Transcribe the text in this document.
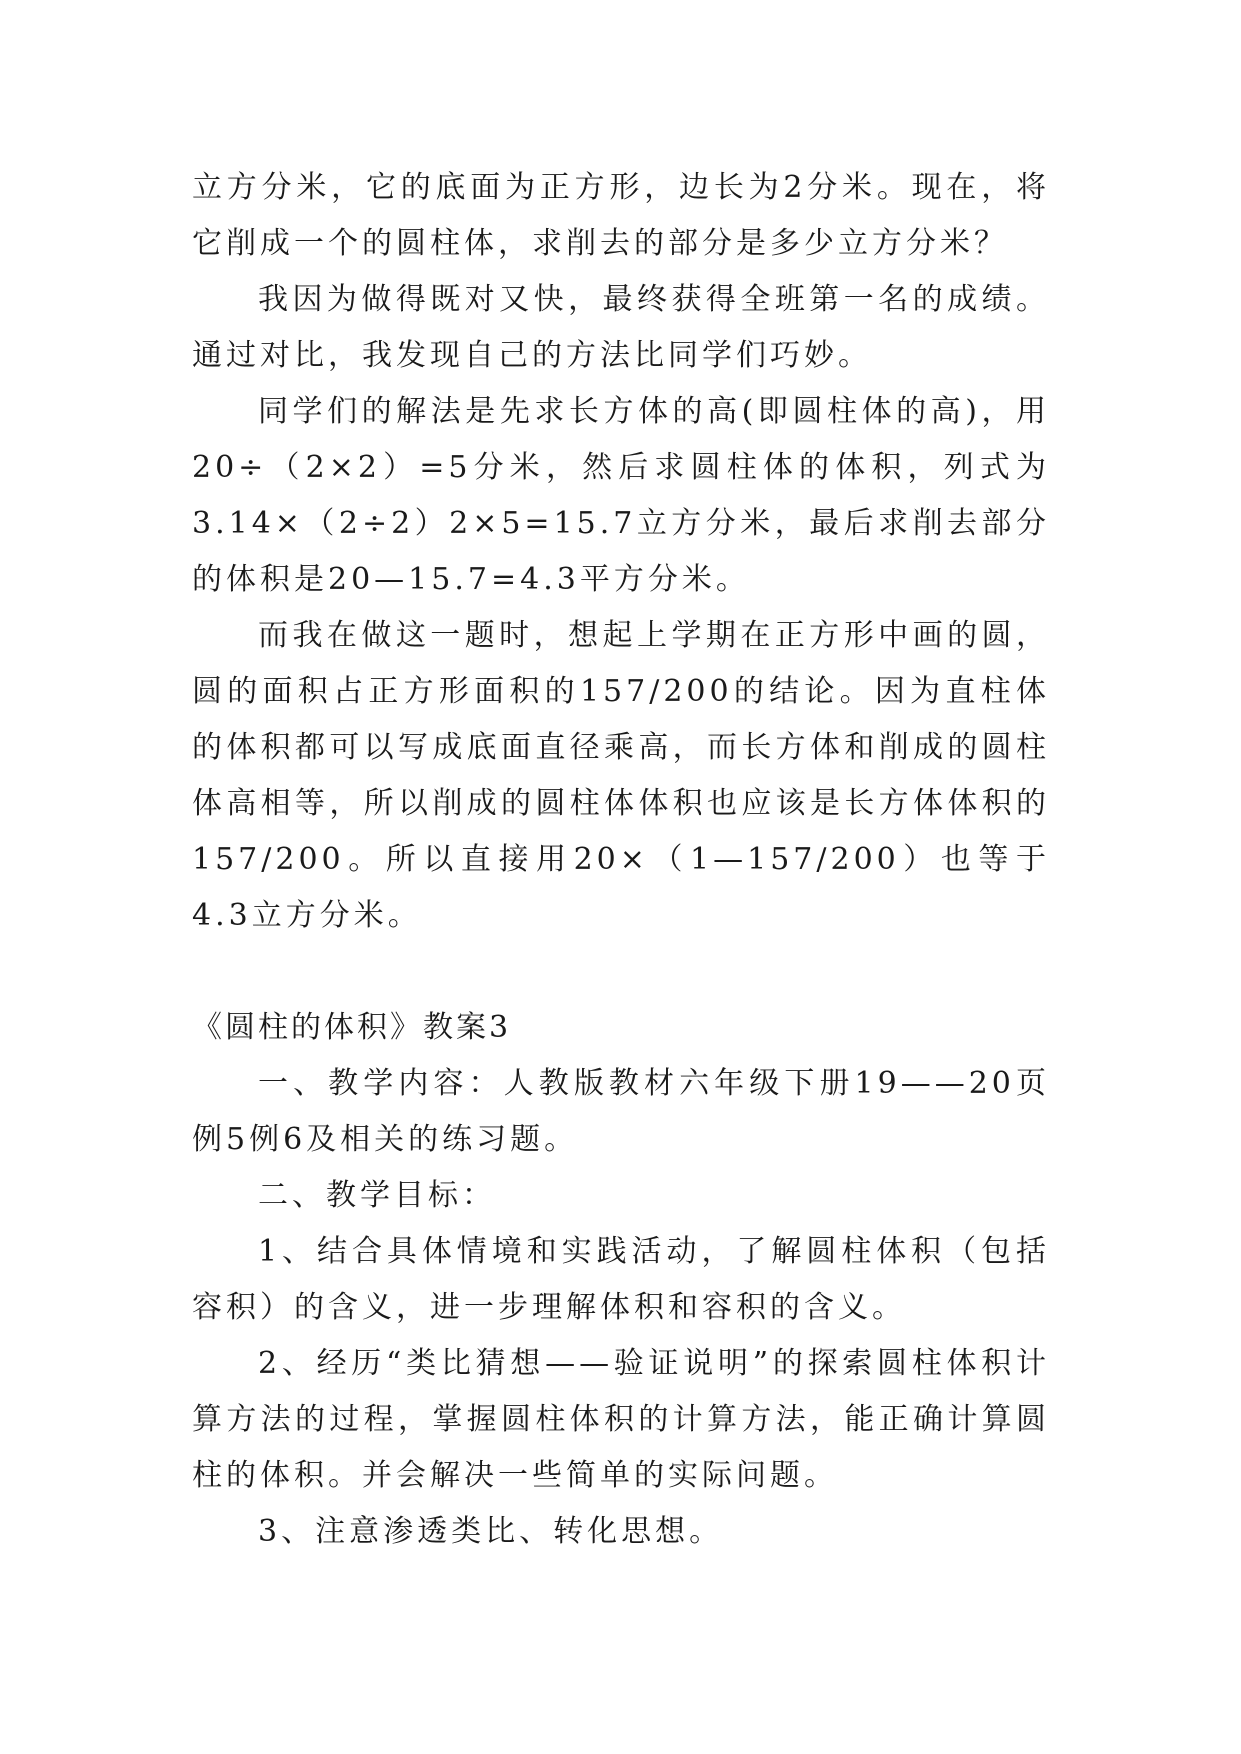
立方分米，它的底面为正方形，边长为2分米。现在，将它削成一个的圆柱体，求削去的部分是多少立方分米？

我因为做得既对又快，最终获得全班第一名的成绩。通过对比，我发现自己的方法比同学们巧妙。

同学们的解法是先求长方体的高(即圆柱体的高)，用20÷（2×2）=5分米，然后求圆柱体的体积，列式为3.14×（2÷2）2×5=15.7立方分米，最后求削去部分的体积是20—15.7=4.3平方分米。

而我在做这一题时，想起上学期在正方形中画的圆，圆的面积占正方形面积的157/200的结论。因为直柱体的体积都可以写成底面直径乘高，而长方体和削成的圆柱体高相等，所以削成的圆柱体体积也应该是长方体体积的157/200。所以直接用20×（1—157/200）也等于4.3立方分米。

《圆柱的体积》教案3

一、教学内容：人教版教材六年级下册19——20页例5例6及相关的练习题。

二、教学目标：

1、结合具体情境和实践活动，了解圆柱体积（包括容积）的含义，进一步理解体积和容积的含义。

2、经历“类比猜想——验证说明”的探索圆柱体积计算方法的过程，掌握圆柱体积的计算方法，能正确计算圆柱的体积。并会解决一些简单的实际问题。

3、注意渗透类比、转化思想。
